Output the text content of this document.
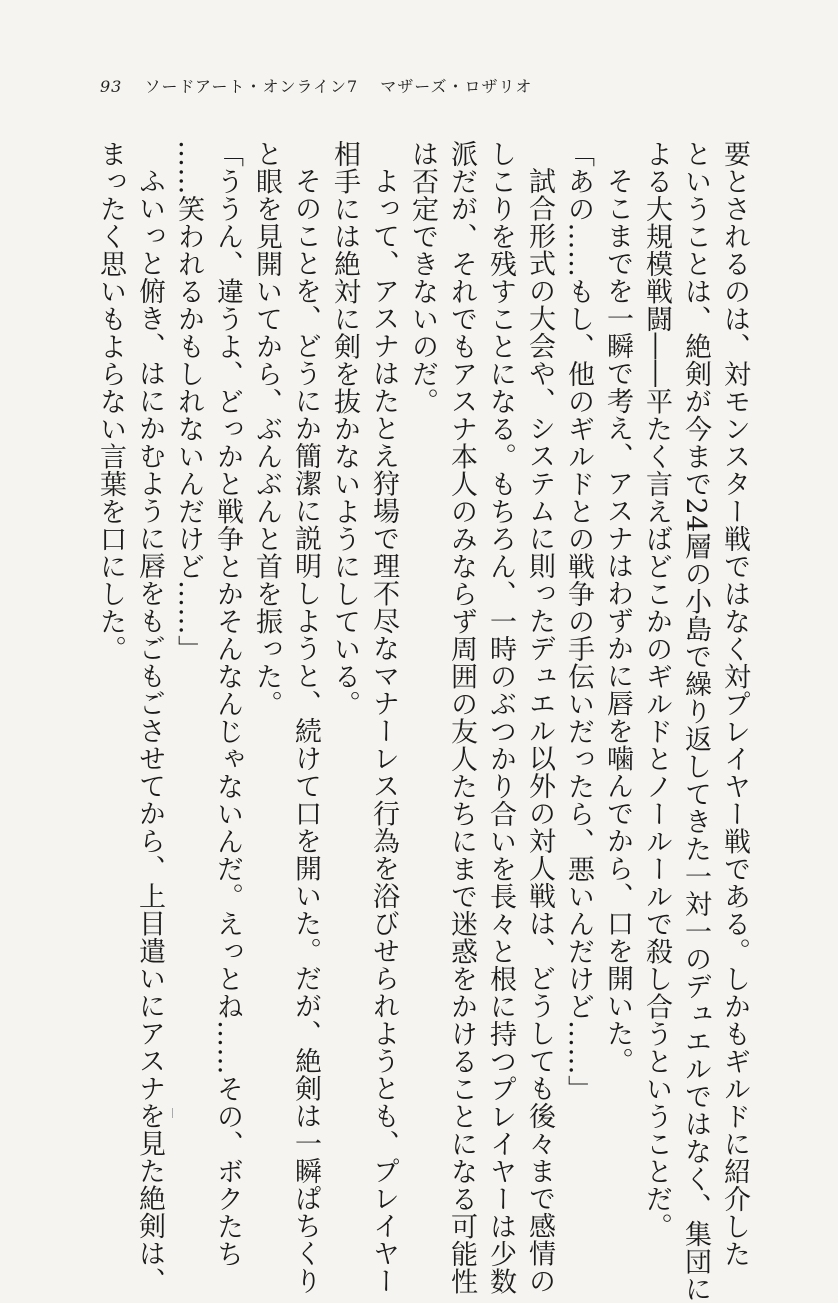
93 ソードアート・オンライン7 マザーズ・ロザリオ
要とされるのは、対モンスター戦ではなく対プレイヤー戦である。しかもギルドに紹介した
ということは、絶剣が今まで24層の小島で繰り返してきた一対一のデュエルではなく、集団に
よる大規模戦闘――平たく言えばどこかのギルドとノールールで殺し合うということだ。
そこまでを一瞬で考え、アスナはわずかに唇を噛んでから、口を開いた。
「あの……もし、他のギルドとの戦争の手伝いだったら、悪いんだけど……」
試合形式の大会や、システムに則ったデュエル以外の対人戦は、どうしても後々まで感情の
しこりを残すことになる。もちろん、一時のぶつかり合いを長々と根に持つプレイヤーは少数
派だが、それでもアスナ本人のみならず周囲の友人たちにまで迷惑をかけることになる可能性
は否定できないのだ。
よって、アスナはたとえ狩場で理不尽なマナーレス行為を浴びせられようとも、プレイヤー
相手には絶対に剣を抜かないようにしている。
そのことを、どうにか簡潔に説明しようと、続けて口を開いた。だが、絶剣は一瞬ぱちくり
と眼を見開いてから、ぶんぶんと首を振った。
「ううん、違うよ、どっかと戦争とかそんなんじゃないんだ。えっとね……その、ボクたち
……笑われるかもしれないんだけど……」
ふいっと俯き、はにかむように唇をもごもごさせてから、上目遣いにアスナを見た絶剣は、
まったく思いもよらない言葉を口にした。
